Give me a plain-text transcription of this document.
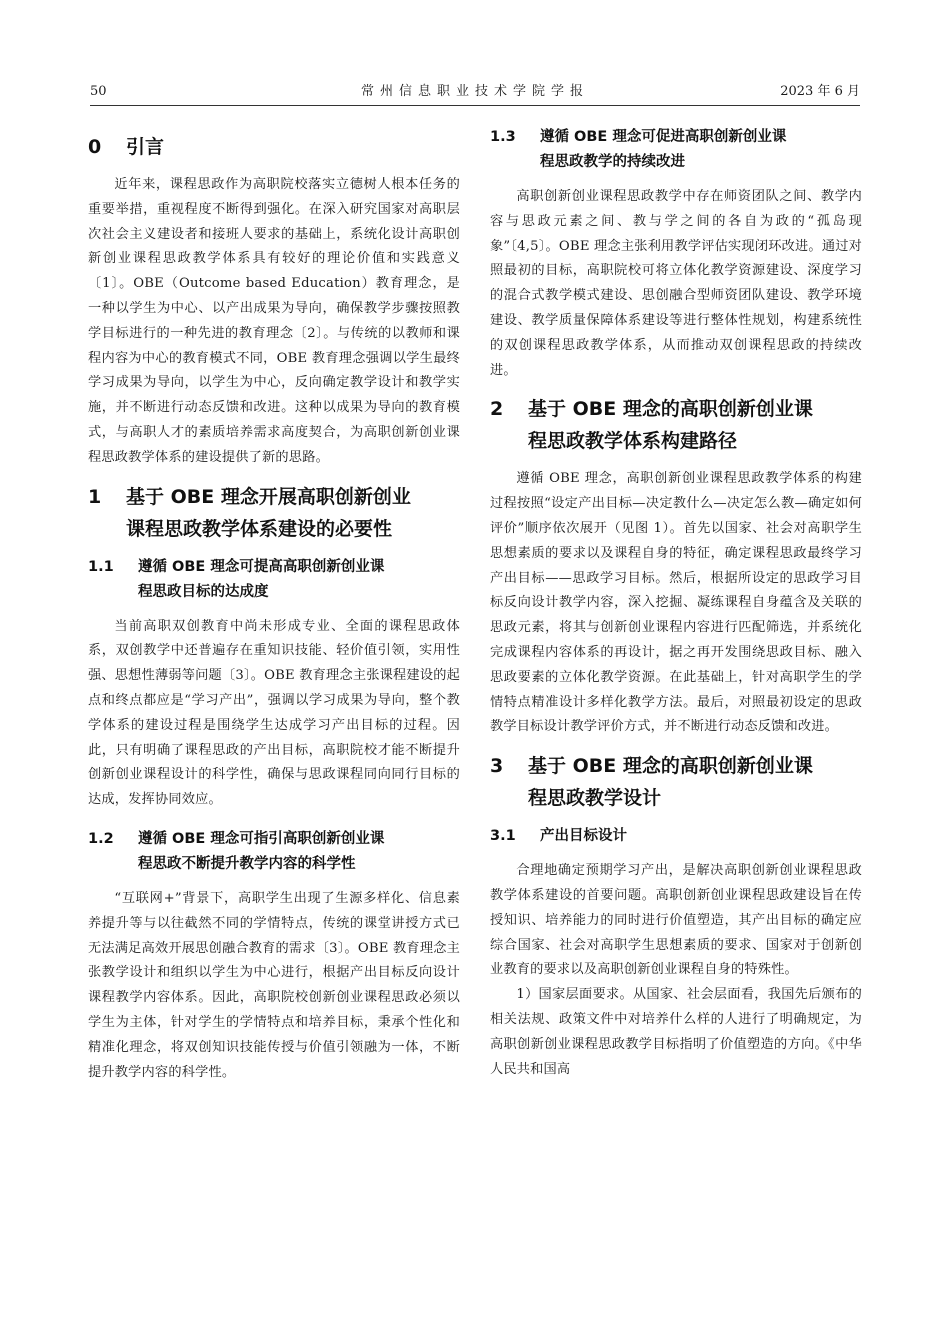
50	常州信息职业技术学院学报	2023 年 6 月
0 引言

近年来，课程思政作为高职院校落实立德树人根本任务的重要举措，重视程度不断得到强化。在深入研究国家对高职层次社会主义建设者和接班人要求的基础上，系统化设计高职创新创业课程思政教学体系具有较好的理论价值和实践意义〔1〕。OBE（Outcome based Education）教育理念，是一种以学生为中心、以产出成果为导向，确保教学步骤按照教学目标进行的一种先进的教育理念〔2〕。与传统的以教师和课程内容为中心的教育模式不同，OBE 教育理念强调以学生最终学习成果为导向，以学生为中心，反向确定教学设计和教学实施，并不断进行动态反馈和改进。这种以成果为导向的教育模式，与高职人才的素质培养需求高度契合，为高职创新创业课程思政教学体系的建设提供了新的思路。

1 基于 OBE 理念开展高职创新创业
课程思政教学体系建设的必要性
1.1 遵循 OBE 理念可提高高职创新创业课
程思政目标的达成度

当前高职双创教育中尚未形成专业、全面的课程思政体系，双创教学中还普遍存在重知识技能、轻价值引领，实用性强、思想性薄弱等问题〔3〕。OBE 教育理念主张课程建设的起点和终点都应是“学习产出”，强调以学习成果为导向，整个教学体系的建设过程是围绕学生达成学习产出目标的过程。因此，只有明确了课程思政的产出目标，高职院校才能不断提升创新创业课程设计的科学性，确保与思政课程同向同行目标的达成，发挥协同效应。

1.2 遵循 OBE 理念可指引高职创新创业课
程思政不断提升教学内容的科学性

“互联网+”背景下，高职学生出现了生源多样化、信息素养提升等与以往截然不同的学情特点，传统的课堂讲授方式已无法满足高效开展思创融合教育的需求〔3〕。OBE 教育理念主张教学设计和组织以学生为中心进行，根据产出目标反向设计课程教学内容体系。因此，高职院校创新创业课程思政必须以学生为主体，针对学生的学情特点和培养目标，秉承个性化和精准化理念，将双创知识技能传授与价值引领融为一体，不断提升教学内容的科学性。

1.3 遵循 OBE 理念可促进高职创新创业课
程思政教学的持续改进

高职创新创业课程思政教学中存在师资团队之间、教学内容与思政元素之间、教与学之间的各自为政的“孤岛现象”〔4,5〕。OBE 理念主张利用教学评估实现闭环改进。通过对照最初的目标，高职院校可将立体化教学资源建设、深度学习的混合式教学模式建设、思创融合型师资团队建设、教学环境建设、教学质量保障体系建设等进行整体性规划，构建系统性的双创课程思政教学体系，从而推动双创课程思政的持续改进。

2 基于 OBE 理念的高职创新创业课
程思政教学体系构建路径

遵循 OBE 理念，高职创新创业课程思政教学体系的构建过程按照“设定产出目标—决定教什么—决定怎么教—确定如何评价”顺序依次展开（见图 1）。首先以国家、社会对高职学生思想素质的要求以及课程自身的特征，确定课程思政最终学习产出目标——思政学习目标。然后，根据所设定的思政学习目标反向设计教学内容，深入挖掘、凝练课程自身蕴含及关联的思政元素，将其与创新创业课程内容进行匹配筛选，并系统化完成课程内容体系的再设计，据之再开发围绕思政目标、融入思政要素的立体化教学资源。在此基础上，针对高职学生的学情特点精准设计多样化教学方法。最后，对照最初设定的思政教学目标设计教学评价方式，并不断进行动态反馈和改进。

3 基于 OBE 理念的高职创新创业课
程思政教学设计
3.1 产出目标设计

合理地确定预期学习产出，是解决高职创新创业课程思政教学体系建设的首要问题。高职创新创业课程思政建设旨在传授知识、培养能力的同时进行价值塑造，其产出目标的确定应综合国家、社会对高职学生思想素质的要求、国家对于创新创业教育的要求以及高职创新创业课程自身的特殊性。

1）国家层面要求。从国家、社会层面看，我国先后颁布的相关法规、政策文件中对培养什么样的人进行了明确规定，为高职创新创业课程思政教学目标指明了价值塑造的方向。《中华人民共和国高
